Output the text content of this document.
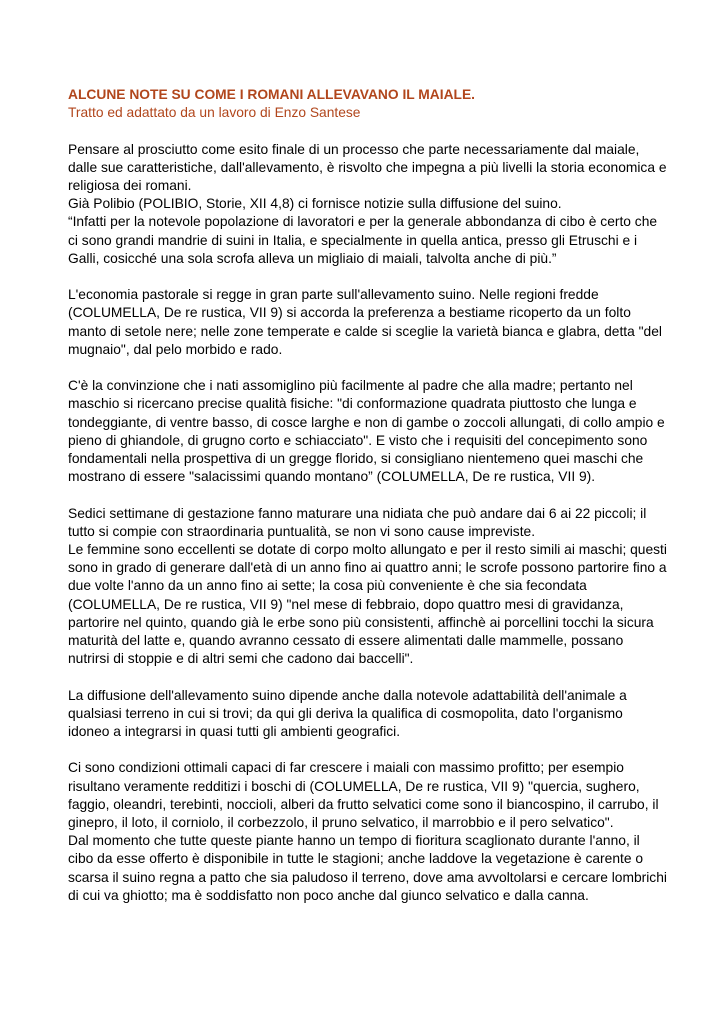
ALCUNE NOTE SU COME I ROMANI ALLEVAVANO IL MAIALE.

Tratto ed adattato da un lavoro di Enzo Santese

Pensare al prosciutto come esito finale di un processo che parte necessariamente dal maiale, dalle sue caratteristiche, dall'allevamento, è risvolto che impegna a più livelli la storia economica e religiosa dei romani.

Già Polibio (POLIBIO, Storie, XII 4,8) ci fornisce notizie sulla diffusione del suino.

“Infatti per la notevole popolazione di lavoratori e per la generale abbondanza di cibo è certo che ci sono grandi mandrie di suini in Italia, e specialmente in quella antica, presso gli Etruschi e i Galli, cosicché una sola scrofa alleva un migliaio di maiali, talvolta anche di più.”

L'economia pastorale si regge in gran parte sull'allevamento suino. Nelle regioni fredde (COLUMELLA, De re rustica, VII 9) si accorda la preferenza a bestiame ricoperto da un folto manto di setole nere; nelle zone temperate e calde si sceglie la varietà bianca e glabra, detta "del mugnaio", dal pelo morbido e rado.

C'è la convinzione che i nati assomiglino più facilmente al padre che alla madre; pertanto nel maschio si ricercano precise qualità fisiche: "di conformazione quadrata piuttosto che lunga e tondeggiante, di ventre basso, di cosce larghe e non di gambe o zoccoli allungati, di collo ampio e pieno di ghiandole, di grugno corto e schiacciato". E visto che i requisiti del concepimento sono fondamentali nella prospettiva di un gregge florido, si consigliano nientemeno quei maschi che mostrano di essere "salacissimi quando montano” (COLUMELLA, De re rustica, VII 9).

Sedici settimane di gestazione fanno maturare una nidiata che può andare dai 6 ai 22 piccoli; il tutto si compie con straordinaria puntualità, se non vi sono cause impreviste.

Le femmine sono eccellenti se dotate di corpo molto allungato e per il resto simili ai maschi; questi sono in grado di generare dall'età di un anno fino ai quattro anni; le scrofe possono partorire fino a due volte l'anno da un anno fino ai sette; la cosa più conveniente è che sia fecondata (COLUMELLA, De re rustica, VII 9) "nel mese di febbraio, dopo quattro mesi di gravidanza, partorire nel quinto, quando già le erbe sono più consistenti, affinchè ai porcellini tocchi la sicura maturità del latte e, quando avranno cessato di essere alimentati dalle mammelle, possano nutrirsi di stoppie e di altri semi che cadono dai baccelli".

La diffusione dell'allevamento suino dipende anche dalla notevole adattabilità dell'animale a qualsiasi terreno in cui si trovi; da qui gli deriva la qualifica di cosmopolita, dato l'organismo idoneo a integrarsi in quasi tutti gli ambienti geografici.

Ci sono condizioni ottimali capaci di far crescere i maiali con massimo profitto; per esempio risultano veramente redditizi i boschi di (COLUMELLA, De re rustica, VII 9) "quercia, sughero, faggio, oleandri, terebinti, noccioli, alberi da frutto selvatici come sono il biancospino, il carrubo, il ginepro, il loto, il corniolo, il corbezzolo, il pruno selvatico, il marrobbio e il pero selvatico".

Dal momento che tutte queste piante hanno un tempo di fioritura scaglionato durante l'anno, il cibo da esse offerto è disponibile in tutte le stagioni; anche laddove la vegetazione è carente o scarsa il suino regna a patto che sia paludoso il terreno, dove ama avvoltolarsi e cercare lombrichi di cui va ghiotto; ma è soddisfatto non poco anche dal giunco selvatico e dalla canna.
